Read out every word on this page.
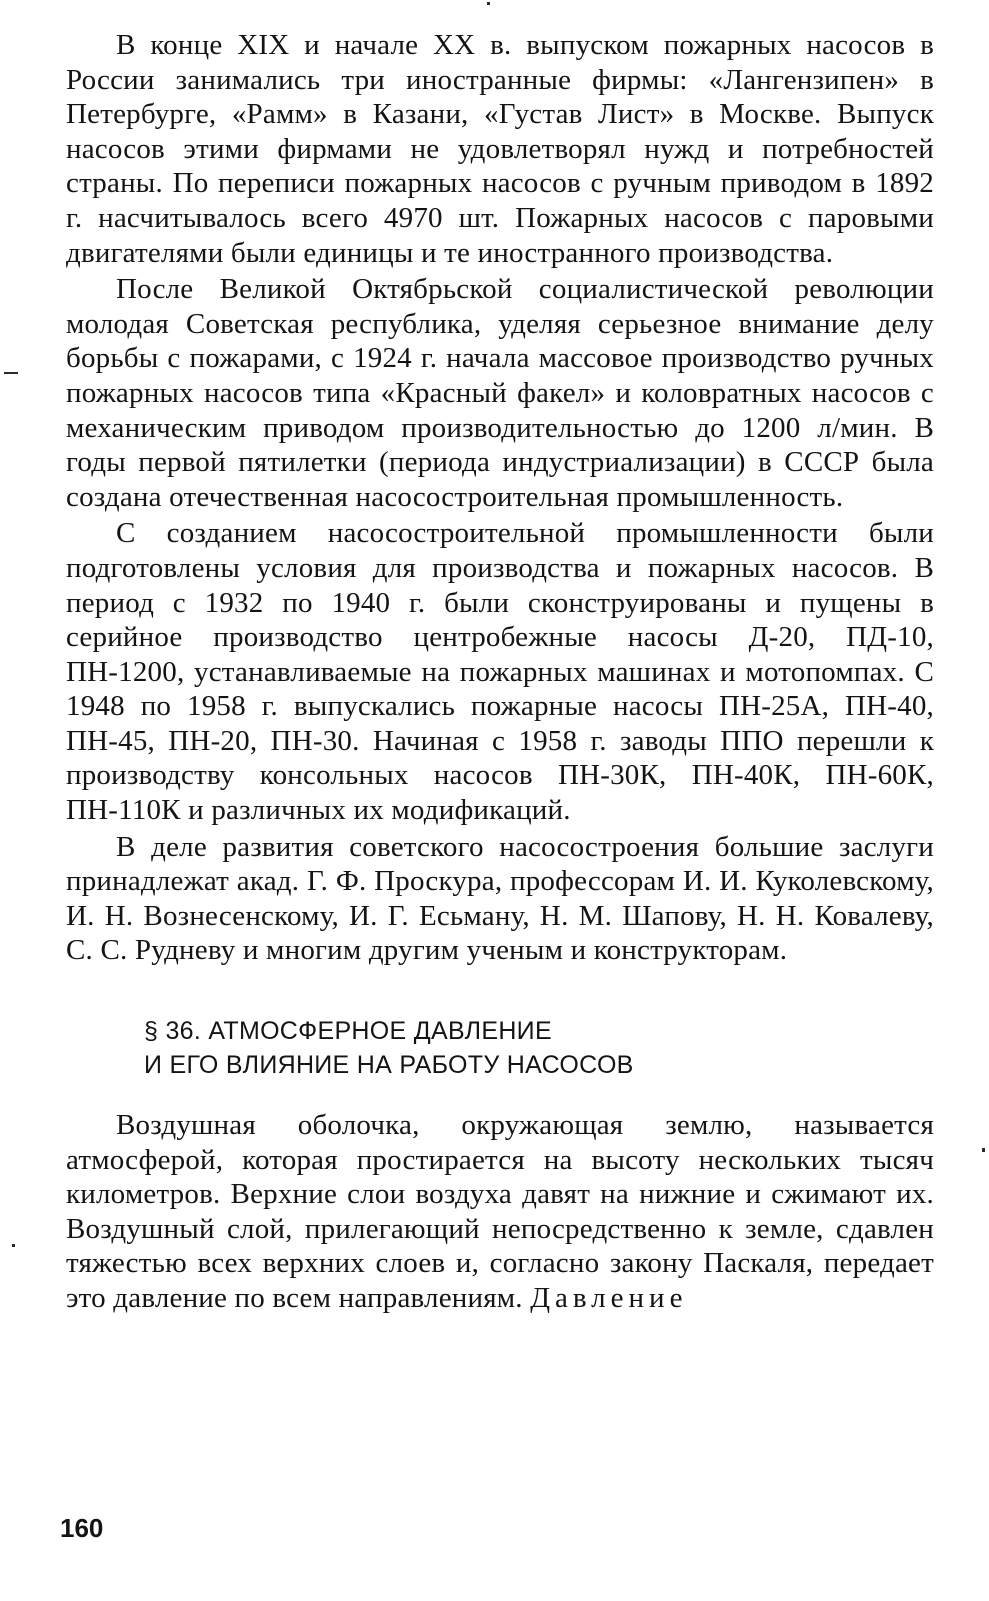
В конце XIX и начале XX в. выпуском пожарных насосов в России занимались три иностранные фирмы: «Лангензипен» в Петербурге, «Рамм» в Казани, «Густав Лист» в Москве. Выпуск насосов этими фирмами не удовлетворял нужд и потребностей страны. По переписи пожарных насосов с ручным приводом в 1892 г. насчитывалось всего 4970 шт. Пожарных насосов с паровыми двигателями были единицы и те иностранного производства.

После Великой Октябрьской социалистической революции молодая Советская республика, уделяя серьезное внимание делу борьбы с пожарами, с 1924 г. начала массовое производство ручных пожарных насосов типа «Красный факел» и коловратных насосов с механическим приводом производительностью до 1200 л/мин. В годы первой пятилетки (периода индустриализации) в СССР была создана отечественная насосостроительная промышленность.

С созданием насосостроительной промышленности были подготовлены условия для производства и пожарных насосов. В период с 1932 по 1940 г. были сконструированы и пущены в серийное производство центробежные насосы Д-20, ПД-10, ПН-1200, устанавливаемые на пожарных машинах и мотопомпах. С 1948 по 1958 г. выпускались пожарные насосы ПН-25А, ПН-40, ПН-45, ПН-20, ПН-30. Начиная с 1958 г. заводы ППО перешли к производству консольных насосов ПН-30К, ПН-40К, ПН-60К, ПН-110К и различных их модификаций.

В деле развития советского насосостроения большие заслуги принадлежат акад. Г. Ф. Проскура, профессорам И. И. Куколевскому, И. Н. Вознесенскому, И. Г. Есьману, Н. М. Шапову, Н. Н. Ковалеву, С. С. Рудневу и многим другим ученым и конструкторам.

§ 36. АТМОСФЕРНОЕ ДАВЛЕНИЕ
И ЕГО ВЛИЯНИЕ НА РАБОТУ НАСОСОВ

Воздушная оболочка, окружающая землю, называется атмосферой, которая простирается на высоту нескольких тысяч километров. Верхние слои воздуха давят на нижние и сжимают их. Воздушный слой, прилегающий непосредственно к земле, сдавлен тяжестью всех верхних слоев и, согласно закону Паскаля, передает это давление по всем направлениям. Давление

160
